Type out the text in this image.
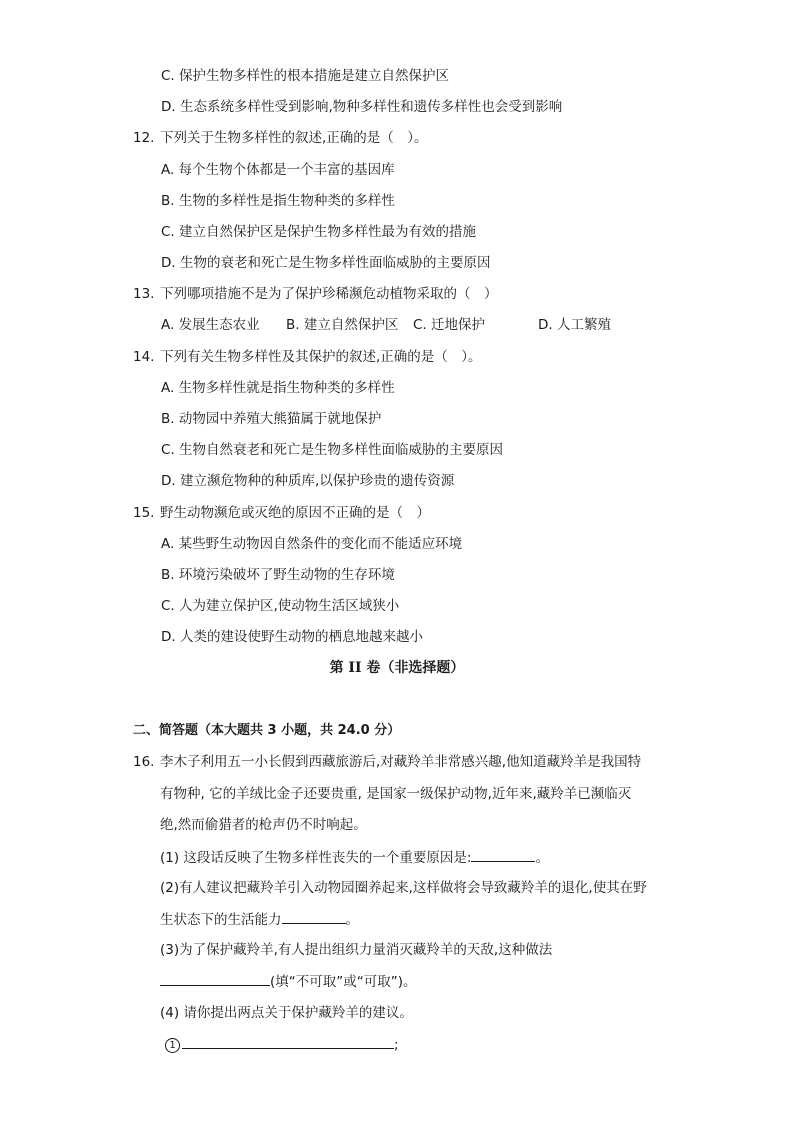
C. 保护生物多样性的根本措施是建立自然保护区
D. 生态系统多样性受到影响,物种多样性和遗传多样性也会受到影响
12. 下列关于生物多样性的叙述,正确的是（　）。
A. 每个生物个体都是一个丰富的基因库
B. 生物的多样性是指生物种类的多样性
C. 建立自然保护区是保护生物多样性最为有效的措施
D. 生物的衰老和死亡是生物多样性面临威胁的主要原因
13. 下列哪项措施不是为了保护珍稀濒危动植物采取的（　）
A. 发展生态农业 B. 建立自然保护区 C. 迁地保护	D. 人工繁殖
14. 下列有关生物多样性及其保护的叙述,正确的是（　）。
A. 生物多样性就是指生物种类的多样性
B. 动物园中养殖大熊猫属于就地保护
C. 生物自然衰老和死亡是生物多样性面临威胁的主要原因
D. 建立濒危物种的种质库,以保护珍贵的遗传资源
15. 野生动物濒危或灭绝的原因不正确的是（　）
A. 某些野生动物因自然条件的变化而不能适应环境
B. 环境污染破坏了野生动物的生存环境
C. 人为建立保护区,使动物生活区域狭小
D. 人类的建设使野生动物的栖息地越来越小
第 II 卷（非选择题）
二、简答题（本大题共 3 小题，共 24.0 分）
16. 李木子利用五一小长假到西藏旅游后,对藏羚羊非常感兴趣,他知道藏羚羊是我国特
有物种, 它的羊绒比金子还要贵重, 是国家一级保护动物,近年来,藏羚羊已濒临灭
绝,然而偷猎者的枪声仍不时响起。
(1) 这段话反映了生物多样性丧失的一个重要原因是:	。
(2)有人建议把藏羚羊引入动物园圈养起来,这样做将会导致藏羚羊的退化,使其在野
生状态下的生活能力	。
(3)为了保护藏羚羊,有人提出组织力量消灭藏羚羊的天敌,这种做法
(填“不可取”或“可取”)。
(4) 请你提出两点关于保护藏羚羊的建议。
1	;
